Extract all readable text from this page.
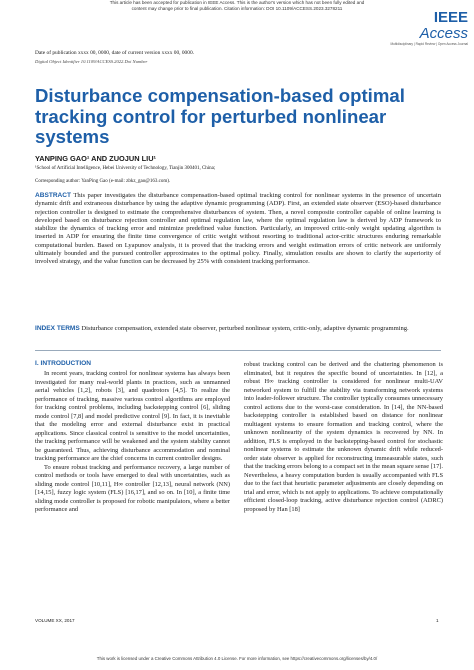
This article has been accepted for publication in IEEE Access. This is the author's version which has not been fully edited and
content may change prior to final publication. Citation information: DOI 10.1109/ACCESS.2023.3278211
IEEE Access
Multidisciplinary | Rapid Review | Open Access Journal
Date of publication xxxx 00, 0000, date of current version xxxx 00, 0000.
Digital Object Identifier 10.1109/ACCESS.2022.Doi Number
Disturbance compensation-based optimal tracking control for perturbed nonlinear systems
YANPING GAO¹ AND ZUOJUN LIU¹
¹School of Artificial Intelligence, Hebei University of Technology, Tianjin 300401, China;
Corresponding author: YanPing Gao (e-mail: zbkz_gao@163.com).
ABSTRACT This paper investigates the disturbance compensation-based optimal tracking control for nonlinear systems in the presence of uncertain dynamic drift and extraneous disturbance by using the adaptive dynamic programming (ADP). First, an extended state observer (ESO)-based disturbance rejection controller is designed to estimate the comprehensive disturbances of system. Then, a novel composite controller capable of online learning is developed based on disturbance rejection controller and optimal regulation law, where the optimal regulation law is derived by ADP framework to stabilize the dynamics of tracking error and minimize predefined value function. Particularly, an improved critic-only weight updating algorithm is inserted in ADP for ensuring the finite time convergence of critic weight without resorting to traditional actor-critic structures enduring remarkable computational burden. Based on Lyapunov analysis, it is proved that the tracking errors and weight estimation errors of critic network are uniformly ultimately bounded and the pursued controller approximates to the optimal policy. Finally, simulation results are shown to clarify the superiority of involved strategy, and the value function can be decreased by 25% with consistent tracking performance.
INDEX TERMS Disturbance compensation, extended state observer, perturbed nonlinear system, critic-only, adaptive dynamic programming.
I. INTRODUCTION

In recent years, tracking control for nonlinear systems has always been investigated for many real-world plants in practices, such as unmanned aerial vehicles [1,2], robots [3], and quadrotors [4,5]. To realize the performance of tracking, massive various control algorithms are employed for tracking control problems, including backstepping control [6], sliding mode control [7,8] and model predictive control [9]. In fact, it is inevitable that the modeling error and external disturbance exist in practical applications. Since classical control is sensitive to the model uncertainties, the tracking performance will be weakened and the system stability cannot be guaranteed. Thus, achieving disturbance accommodation and nominal tracking performance are the chief concerns in current controller designs.

To ensure robust tracking and performance recovery, a large number of control methods or tools have emerged to deal with uncertainties, such as sliding mode control [10,11], H∞ controller [12,13], neural network (NN) [14,15], fuzzy logic system (FLS) [16,17], and so on. In [10], a finite time sliding mode controller is proposed for robotic manipulators, where a better performance and

robust tracking control can be derived and the chattering phenomenon is eliminated, but it requires the specific bound of uncertainties. In [12], a robust H∞ tracking controller is considered for nonlinear multi-UAV networked system to fulfill the stability via transforming network systems into leader-follower structure. The controller typically consumes unnecessary control actions due to the worst-case consideration. In [14], the NN-based backstepping controller is established based on distance for nonlinear multiagent systems to ensure formation and tracking control, where the unknown nonlinearity of the system dynamics is recovered by NN. In addition, FLS is employed in the backstepping-based control for stochastic nonlinear systems to estimate the unknown dynamic drift while reduced-order state observer is applied for reconstructing immeasurable states, such that the tracking errors belong to a compact set in the mean square sense [17]. Nevertheless, a heavy computation burden is usually accompanied with FLS due to the fact that heuristic parameter adjustments are closely depending on trial and error, which is not apply to applications. To achieve computationally efficient closed-loop tracking, active disturbance rejection control (ADRC) proposed by Han [18]

VOLUME XX, 2017	1
This work is licensed under a Creative Commons Attribution 4.0 License. For more information, see https://creativecommons.org/licenses/by/4.0/
